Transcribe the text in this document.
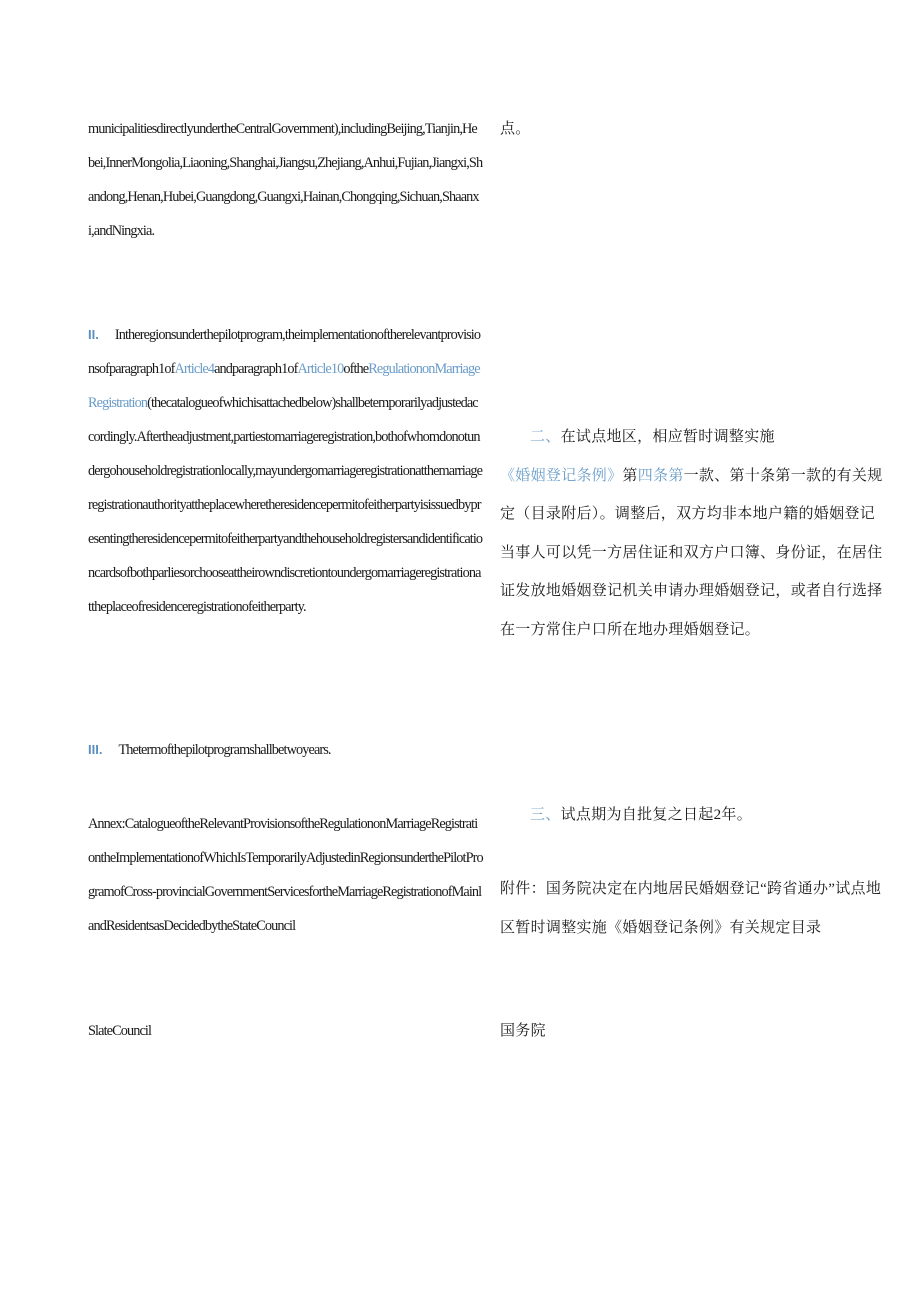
municipalitiesdirectlyundertheCentralGovernment),includingBeijing,Tianjin,Hebei,InnerMongolia,Liaoning,Shanghai,Jiangsu,Zhejiang,Anhui,Fujian,Jiangxi,Shandong,Henan,Hubei,Guangdong,Guangxi,Hainan,Chongqing,Sichuan,Shaanxi,andNingxia.

II. Intheregionsunderthepilotprogram,theimplementationoftherelevantprovisionsofparagraph1ofArticle4andparagraph1ofArticle10oftheRegulationonMarriageRegistration(thecatalogueofwhichisattachedbelow)shallbetemporarilyadjustedaccordingly.Aftertheadjustment,partiestomarriageregistration,bothofwhomdonotundergohouseholdregistrationlocally,mayundergomarriageregistrationatthemarriageregistrationauthorityattheplacewheretheresidencepermitofeitherpartyisissuedbypresentingtheresidencepermitofeitherpartyandthehouseholdregistersandidentificationcardsofbothparliesorchooseattheirowndiscretiontoundergomarriageregistrationattheplaceofresidenceregistrationofeitherparty.

III. Thetermofthepilotprogramshallbetwoyears.

Annex:CatalogueoftheRelevantProvisionsoftheRegulationonMarriageRegistrationtheImplementationofWhichIsTemporarilyAdjustedinRegionsunderthePilotProgramofCross-provincialGovernmentServicesfortheMarriageRegistrationofMainlandResidentsasDecidedbytheStateCouncil

SlateCouncil

点。

二、在试点地区，相应暂时调整实施《婚姻登记条例》第四条第一款、第十条第一款的有关规定（目录附后）。调整后，双方均非本地户籍的婚姻登记当事人可以凭一方居住证和双方户口簿、身份证，在居住证发放地婚姻登记机关申请办理婚姻登记，或者自行选择在一方常住户口所在地办理婚姻登记。

三、试点期为自批复之日起2年。

附件：国务院决定在内地居民婚姻登记“跨省通办”试点地区暂时调整实施《婚姻登记条例》有关规定目录

国务院
